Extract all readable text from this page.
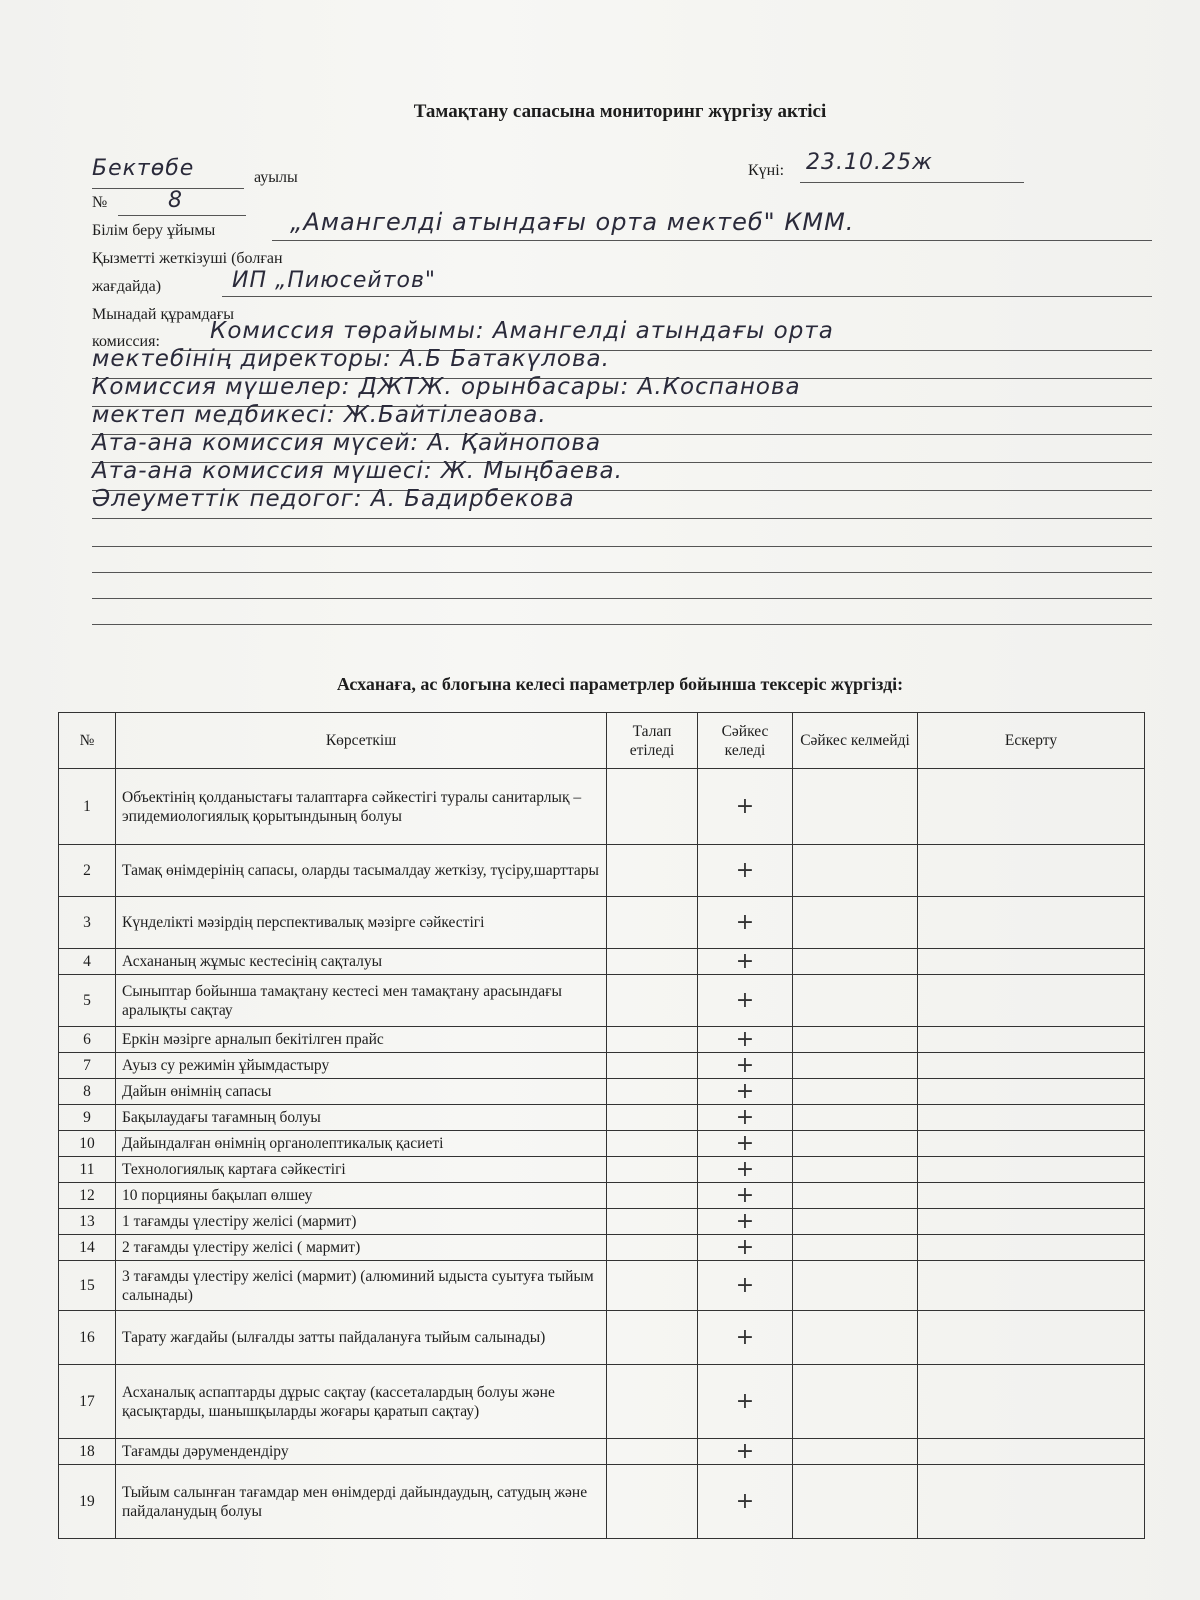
Тамақтану сапасына мониторинг жүргізу актісі
Бектөбе	ауылы	Күні: 23.10.25ж
№	8
Білім беру ұйымы	„Амангелді атындағы орта мектеб" КММ.
Қызметті жеткізуші (болған
жағдайда)	ИП „Пиюсейтов"
Мынадай құрамдағы
комиссия: Комиссия төрайымы: Амангелді атындағы орта
мектебінің директоры: А.Б Батакүлова.
Комиссия мүшелер: ДЖТЖ. орынбасары: А.Коспанова
мектеп медбикесі: Ж.Байтілеаова.
Ата-ана комиссия мүсей: А. Қайнопова
Ата-ана комиссия мүшесі: Ж. Мыңбаева.
Әлеуметтік педогог: А. Бадирбекова
Асханаға, ас блогына келесі параметрлер бойынша тексеріс жүргізді:
№	Көрсеткіш	Талап етіледі	Сәйкес келеді	Сәйкес келмейді	Ескерту
1	Объектінің қолданыстағы талаптарға сәйкестігі туралы санитарлық – эпидемиологиялық қорытындының болуы		+		
2	Тамақ өнімдерінің сапасы, оларды тасымалдау жеткізу, түсіру,шарттары		+		
3	Күнделікті мәзірдің перспективалық мәзірге сәйкестігі		+		
4	Асхананың жұмыс кестесінің сақталуы		+		
5	Сыныптар бойынша тамақтану кестесі мен тамақтану арасындағы аралықты сақтау		+		
6	Еркін мәзірге арналып бекітілген прайс		+		
7	Ауыз су режимін ұйымдастыру		+		
8	Дайын өнімнің сапасы		+		
9	Бақылаудағы тағамның болуы		+		
10	Дайындалған өнімнің органолептикалық қасиеті		+		
11	Технологиялық картаға сәйкестігі		+		
12	10 порцияны бақылап өлшеу		+		
13	1 тағамды үлестіру желісі (мармит)		+		
14	2 тағамды үлестіру желісі ( мармит)		+		
15	3 тағамды үлестіру желісі (мармит) (алюминий ыдыста суытуға тыйым салынады)		+		
16	Тарату жағдайы (ылғалды затты пайдалануға тыйым салынады)		+		
17	Асханалық аспаптарды дұрыс сақтау (кассеталардың болуы және қасықтарды, шанышқыларды жоғары қаратып сақтау)		+		
18	Тағамды дәрумендендіру		+		
19	Тыйым салынған тағамдар мен өнімдерді дайындаудың, сатудың және пайдаланудың болуы		+		
